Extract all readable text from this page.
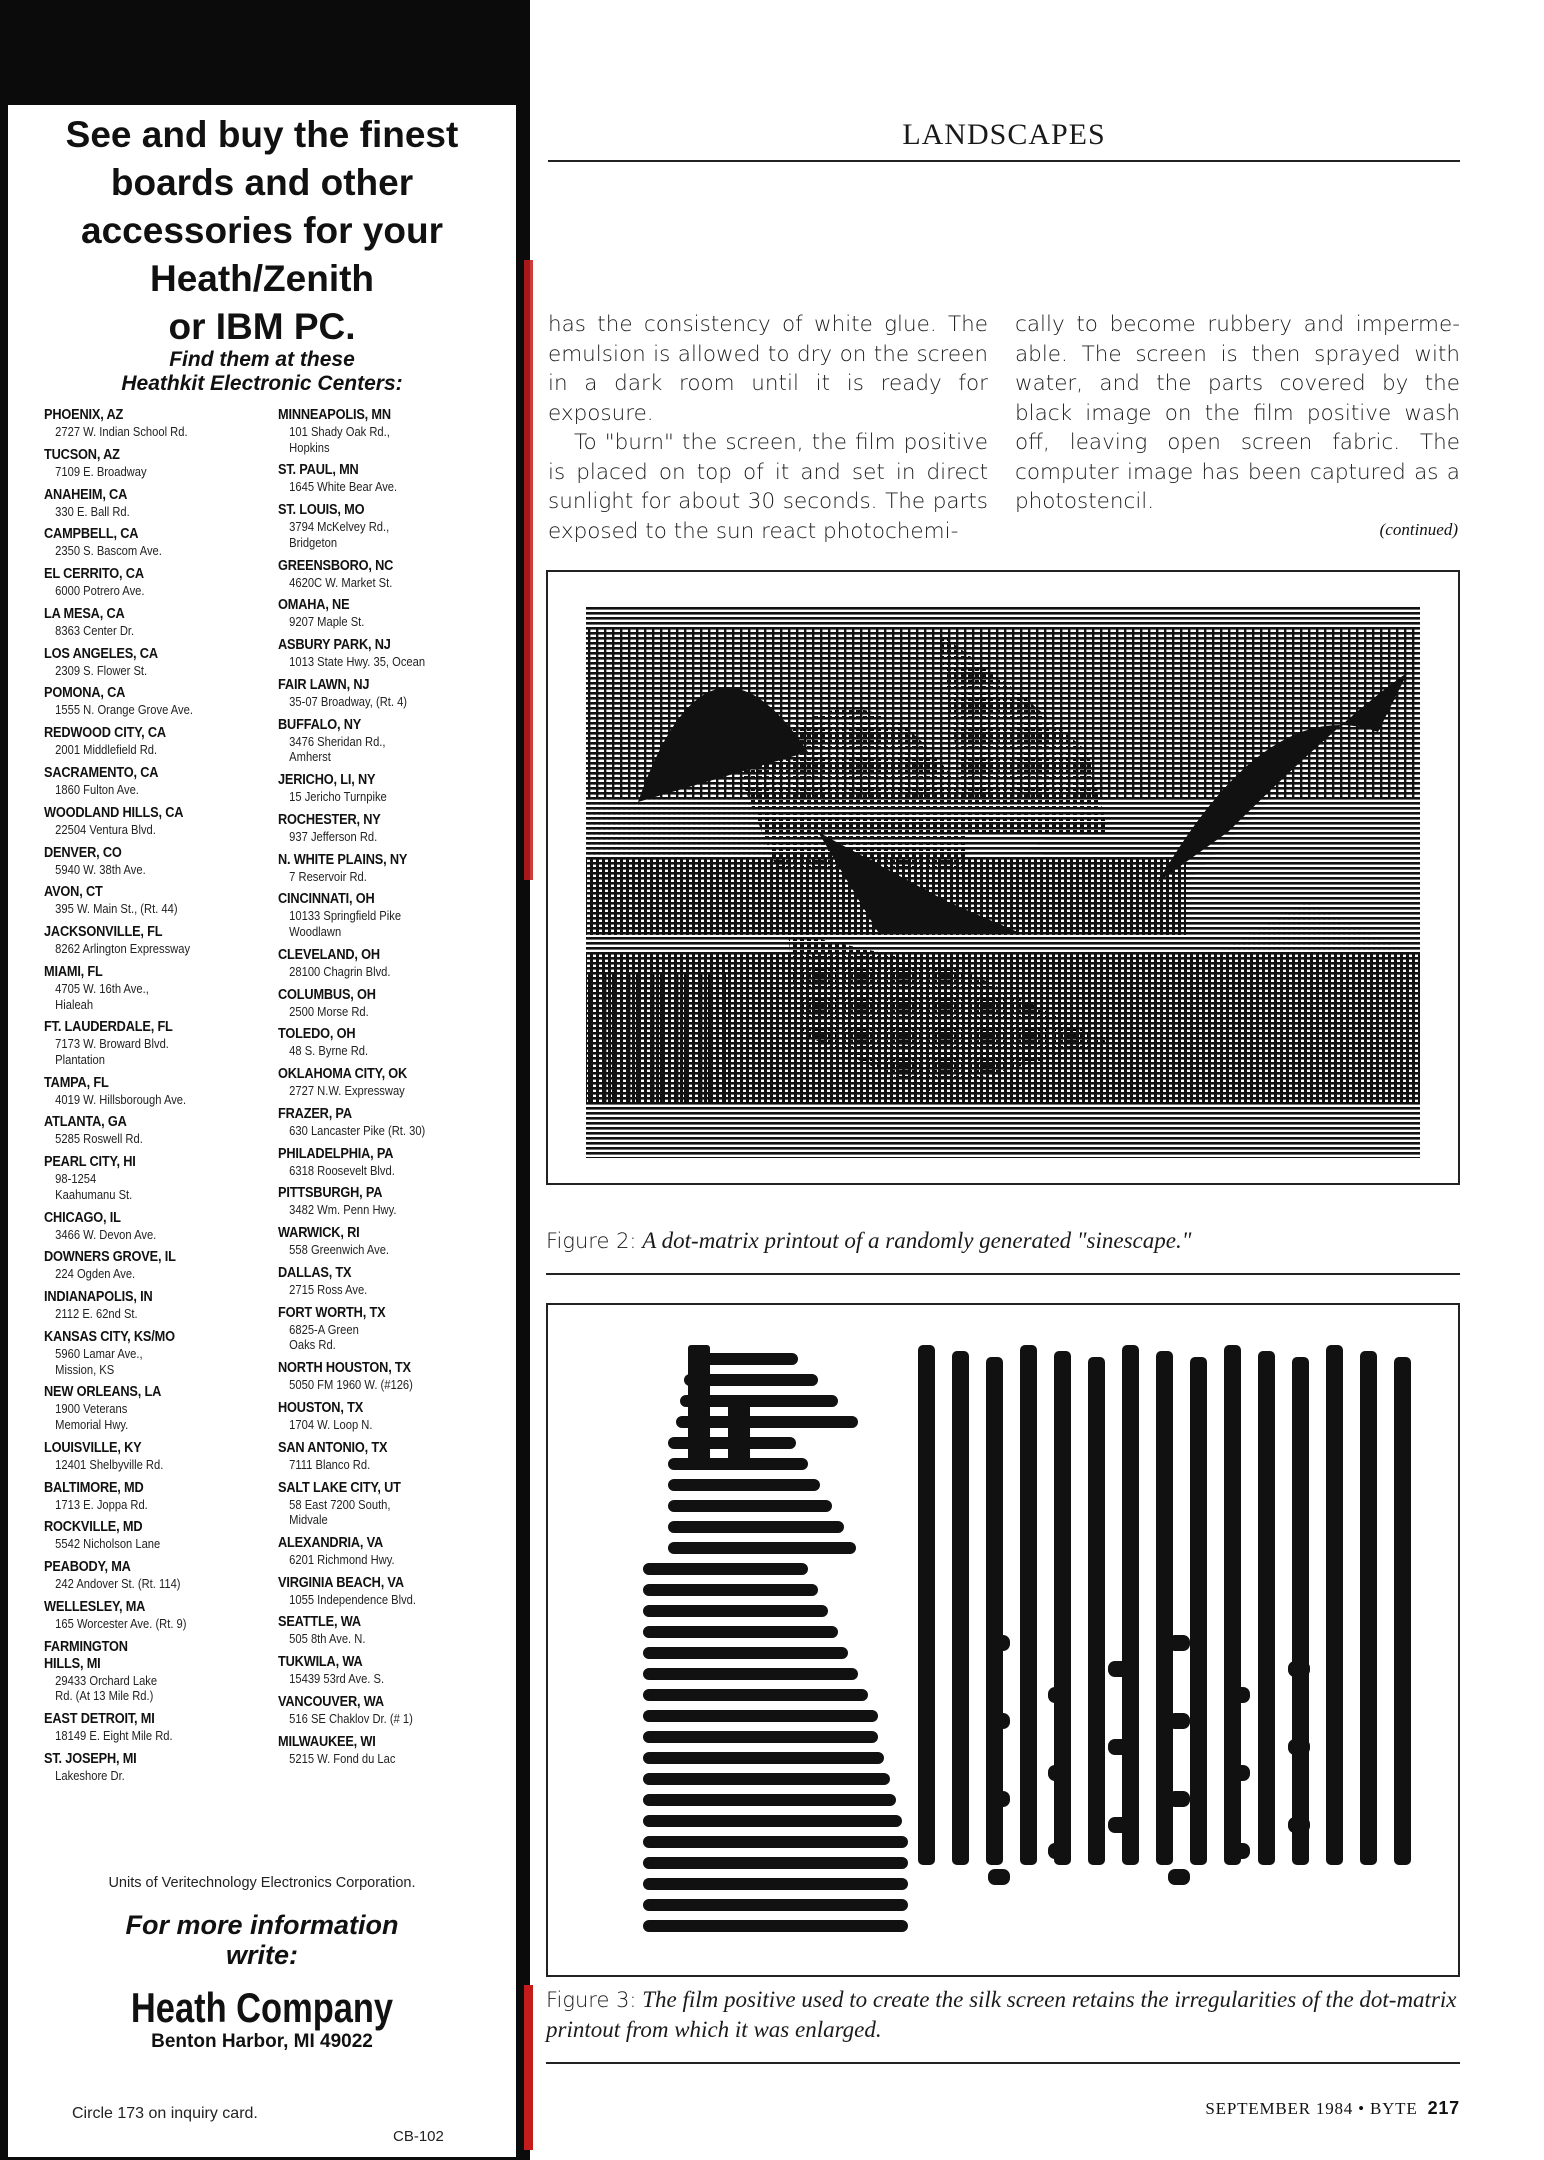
See and buy the finest
boards and other
accessories for your
Heath/Zenith
or IBM PC.
Find them at these
Heathkit Electronic Centers:
PHOENIX, AZ
2727 W. Indian School Rd.
TUCSON, AZ
7109 E. Broadway
ANAHEIM, CA
330 E. Ball Rd.
CAMPBELL, CA
2350 S. Bascom Ave.
EL CERRITO, CA
6000 Potrero Ave.
LA MESA, CA
8363 Center Dr.
LOS ANGELES, CA
2309 S. Flower St.
POMONA, CA
1555 N. Orange Grove Ave.
REDWOOD CITY, CA
2001 Middlefield Rd.
SACRAMENTO, CA
1860 Fulton Ave.
WOODLAND HILLS, CA
22504 Ventura Blvd.
DENVER, CO
5940 W. 38th Ave.
AVON, CT
395 W. Main St., (Rt. 44)
JACKSONVILLE, FL
8262 Arlington Expressway
MIAMI, FL
4705 W. 16th Ave.,
Hialeah
FT. LAUDERDALE, FL
7173 W. Broward Blvd.
Plantation
TAMPA, FL
4019 W. Hillsborough Ave.
ATLANTA, GA
5285 Roswell Rd.
PEARL CITY, HI
98-1254
Kaahumanu St.
CHICAGO, IL
3466 W. Devon Ave.
DOWNERS GROVE, IL
224 Ogden Ave.
INDIANAPOLIS, IN
2112 E. 62nd St.
KANSAS CITY, KS/MO
5960 Lamar Ave.,
Mission, KS
NEW ORLEANS, LA
1900 Veterans
Memorial Hwy.
LOUISVILLE, KY
12401 Shelbyville Rd.
BALTIMORE, MD
1713 E. Joppa Rd.
ROCKVILLE, MD
5542 Nicholson Lane
PEABODY, MA
242 Andover St. (Rt. 114)
WELLESLEY, MA
165 Worcester Ave. (Rt. 9)
FARMINGTON
HILLS, MI
29433 Orchard Lake
Rd. (At 13 Mile Rd.)
EAST DETROIT, MI
18149 E. Eight Mile Rd.
ST. JOSEPH, MI
Lakeshore Dr.
MINNEAPOLIS, MN
101 Shady Oak Rd.,
Hopkins
ST. PAUL, MN
1645 White Bear Ave.
ST. LOUIS, MO
3794 McKelvey Rd.,
Bridgeton
GREENSBORO, NC
4620C W. Market St.
OMAHA, NE
9207 Maple St.
ASBURY PARK, NJ
1013 State Hwy. 35, Ocean
FAIR LAWN, NJ
35-07 Broadway, (Rt. 4)
BUFFALO, NY
3476 Sheridan Rd.,
Amherst
JERICHO, LI, NY
15 Jericho Turnpike
ROCHESTER, NY
937 Jefferson Rd.
N. WHITE PLAINS, NY
7 Reservoir Rd.
CINCINNATI, OH
10133 Springfield Pike
Woodlawn
CLEVELAND, OH
28100 Chagrin Blvd.
COLUMBUS, OH
2500 Morse Rd.
TOLEDO, OH
48 S. Byrne Rd.
OKLAHOMA CITY, OK
2727 N.W. Expressway
FRAZER, PA
630 Lancaster Pike (Rt. 30)
PHILADELPHIA, PA
6318 Roosevelt Blvd.
PITTSBURGH, PA
3482 Wm. Penn Hwy.
WARWICK, RI
558 Greenwich Ave.
DALLAS, TX
2715 Ross Ave.
FORT WORTH, TX
6825-A Green
Oaks Rd.
NORTH HOUSTON, TX
5050 FM 1960 W. (#126)
HOUSTON, TX
1704 W. Loop N.
SAN ANTONIO, TX
7111 Blanco Rd.
SALT LAKE CITY, UT
58 East 7200 South,
Midvale
ALEXANDRIA, VA
6201 Richmond Hwy.
VIRGINIA BEACH, VA
1055 Independence Blvd.
SEATTLE, WA
505 8th Ave. N.
TUKWILA, WA
15439 53rd Ave. S.
VANCOUVER, WA
516 SE Chaklov Dr. (# 1)
MILWAUKEE, WI
5215 W. Fond du Lac
Units of Veritechnology Electronics Corporation.
For more information
write:
Heath Company
Benton Harbor, MI 49022
Circle 173 on inquiry card.
CB-102
LANDSCAPES

has the consistency of white glue. The emulsion is allowed to dry on the screen in a dark room until it is ready for exposure.

To "burn" the screen, the film positive is placed on top of it and set in direct sunlight for about 30 seconds. The parts exposed to the sun react photochemi-

cally to become rubbery and imperme-able. The screen is then sprayed with water, and the parts covered by the black image on the film positive wash off, leaving open screen fabric. The computer image has been captured as a photostencil.

(continued)
Figure 2: A dot-matrix printout of a randomly generated "sinescape."
Figure 3: The film positive used to create the silk screen retains the irregularities of the dot-matrix printout from which it was enlarged.
SEPTEMBER 1984 • BYTE 217
